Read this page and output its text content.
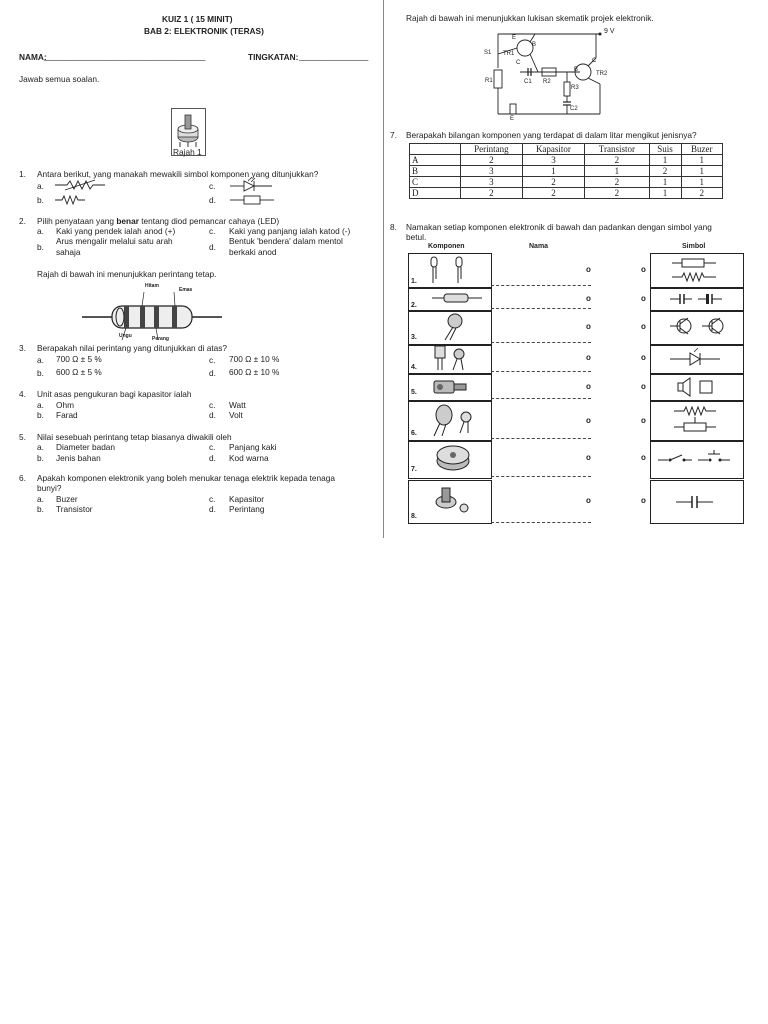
KUIZ 1 ( 15 MINIT)
BAB 2: ELEKTRONIK (TERAS)
NAMA:
___________________________________	TINGKATAN: _______________
Jawab semua soalan.
Rajah 1
1. Antara berikut, yang manakah mewakili simbol komponen yang ditunjukkan?
a.
b.
c.
d.
2. Pilih penyataan yang benar tentang diod pemancar cahaya (LED)
a. Kaki yang pendek ialah anod (+)
b.
Arus mengalir melalui satu arah
sahaja
c. Kaki yang panjang ialah katod (-)
d.
Bentuk 'bendera' dalam mentol
berkaki anod
Rajah di bawah ini menunjukkan perintang tetap.
Hitam
Emas
Ungu	Perang
3. Berapakah nilai perintang yang ditunjukkan di atas?
a. 700 Ω ± 5 %
b. 600 Ω ± 5 %
c. 700 Ω ± 10 %
d. 600 Ω ± 10 %
4. Unit asas pengukuran bagi kapasitor ialah
a. Ohm
b. Farad
c. Watt
d. Volt
5. Nilai sesebuah perintang tetap biasanya diwakili oleh
a. Diameter badan
b. Jenis bahan
c. Panjang kaki
d. Kod warna
6. Apakah komponen elektronik yang boleh menukar tenaga elektrik kepada tenaga
bunyi?
a. Buzer
b. Transistor
c. Kapasitor
d. Perintang
Rajah di bawah ini menunjukkan lukisan skematik projek elektronik.
9 V
S1 TR1
E
B
C
R1	C1 R2
TR2
R3
C2
B
C
E
7. Berapakah bilangan komponen yang terdapat di dalam litar mengikut jenisnya?
	Perintang	Kapasitor	Transistor	Suis	Buzer
A	2	3	2	1	1
B	3	1	1	2	1
C	3	2	2	1	1
D	2	2	2	1	2
8. Namakan setiap komponen elektronik di bawah dan padankan dengan simbol yang
betul.
Komponen	Nama	Simbol
1.
2.
3.
4.
5.
6.
7.
8.
o
o
o
o
o
o
o
o
o
o
o
o
o
o
o
o
